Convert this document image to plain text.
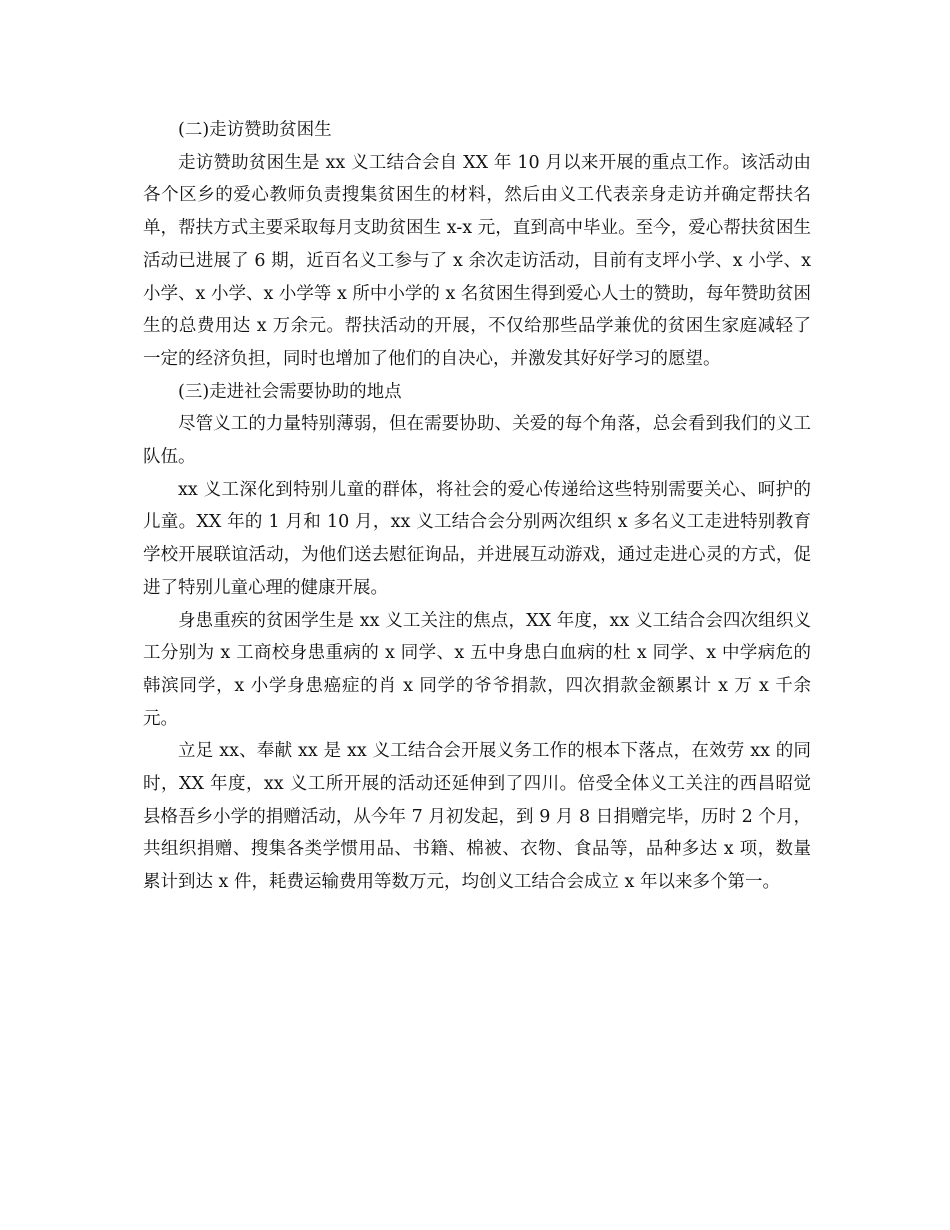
(二)走访赞助贫困生

走访赞助贫困生是 xx 义工结合会自 XX 年 10 月以来开展的重点工作。该活动由各个区乡的爱心教师负责搜集贫困生的材料，然后由义工代表亲身走访并确定帮扶名单，帮扶方式主要采取每月支助贫困生 x-x 元，直到高中毕业。至今，爱心帮扶贫困生活动已进展了 6 期，近百名义工参与了 x 余次走访活动，目前有支坪小学、x 小学、x 小学、x 小学、x 小学等 x 所中小学的 x 名贫困生得到爱心人士的赞助，每年赞助贫困生的总费用达 x 万余元。帮扶活动的开展，不仅给那些品学兼优的贫困生家庭减轻了一定的经济负担，同时也增加了他们的自决心，并激发其好好学习的愿望。

(三)走进社会需要协助的地点

尽管义工的力量特别薄弱，但在需要协助、关爱的每个角落，总会看到我们的义工队伍。

xx 义工深化到特别儿童的群体，将社会的爱心传递给这些特别需要关心、呵护的儿童。XX 年的 1 月和 10 月，xx 义工结合会分别两次组织 x 多名义工走进特别教育学校开展联谊活动，为他们送去慰征询品，并进展互动游戏，通过走进心灵的方式，促进了特别儿童心理的健康开展。

身患重疾的贫困学生是 xx 义工关注的焦点，XX 年度，xx 义工结合会四次组织义工分别为 x 工商校身患重病的 x 同学、x 五中身患白血病的杜 x 同学、x 中学病危的韩滨同学，x 小学身患癌症的肖 x 同学的爷爷捐款，四次捐款金额累计 x 万 x 千余元。

立足 xx、奉献 xx 是 xx 义工结合会开展义务工作的根本下落点，在效劳 xx 的同时，XX 年度，xx 义工所开展的活动还延伸到了四川。倍受全体义工关注的西昌昭觉县格吾乡小学的捐赠活动，从今年 7 月初发起，到 9 月 8 日捐赠完毕，历时 2 个月，共组织捐赠、搜集各类学惯用品、书籍、棉被、衣物、食品等，品种多达 x 项，数量累计到达 x 件，耗费运输费用等数万元，均创义工结合会成立 x 年以来多个第一。
